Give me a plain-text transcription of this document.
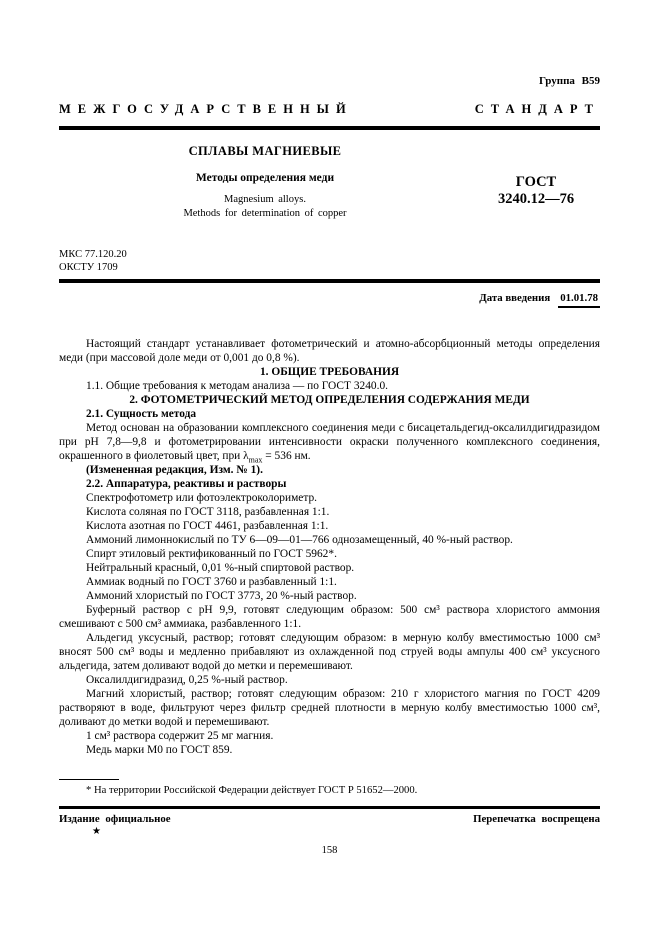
Группа В59
МЕЖГОСУДАРСТВЕННЫЙ	СТАНДАРТ
СПЛАВЫ МАГНИЕВЫЕ
Методы определения меди
Magnesium alloys.
Methods for determination of copper
ГОСТ
3240.12—76
МКС 77.120.20
ОКСТУ 1709
Дата введения 01.01.78

Настоящий стандарт устанавливает фотометрический и атомно-абсорбционный методы определения меди (при массовой доле меди от 0,001 до 0,8 %).

1. ОБЩИЕ ТРЕБОВАНИЯ

1.1. Общие требования к методам анализа — по ГОСТ 3240.0.

2. ФОТОМЕТРИЧЕСКИЙ МЕТОД ОПРЕДЕЛЕНИЯ СОДЕРЖАНИЯ МЕДИ

2.1. Сущность метода

Метод основан на образовании комплексного соединения меди с бисацетальдегид-оксалилдигидразидом при рН 7,8—9,8 и фотометрировании интенсивности окраски полученного комплексного соединения, окрашенного в фиолетовый цвет, при $\lambda_{max} = 536$ нм.

(Измененная редакция, Изм. № 1).

2.2. Аппаратура, реактивы и растворы

Спектрофотометр или фотоэлектроколориметр.

Кислота соляная по ГОСТ 3118, разбавленная 1:1.

Кислота азотная по ГОСТ 4461, разбавленная 1:1.

Аммоний лимоннокислый по ТУ 6—09—01—766 однозамещенный, 40 %-ный раствор.

Спирт этиловый ректификованный по ГОСТ 5962*.

Нейтральный красный, 0,01 %-ный спиртовой раствор.

Аммиак водный по ГОСТ 3760 и разбавленный 1:1.

Аммоний хлористый по ГОСТ 3773, 20 %-ный раствор.

Буферный раствор с рН 9,9, готовят следующим образом: 500 см³ раствора хлористого аммония смешивают с 500 см³ аммиака, разбавленного 1:1.

Альдегид уксусный, раствор; готовят следующим образом: в мерную колбу вместимостью 1000 см³ вносят 500 см³ воды и медленно прибавляют из охлажденной под струей воды ампулы 400 см³ уксусного альдегида, затем доливают водой до метки и перемешивают.

Оксалилдигидразид, 0,25 %-ный раствор.

Магний хлористый, раствор; готовят следующим образом: 210 г хлористого магния по ГОСТ 4209 растворяют в воде, фильтруют через фильтр средней плотности в мерную колбу вместимостью 1000 см³, доливают до метки водой и перемешивают.

1 см³ раствора содержит 25 мг магния.

Медь марки М0 по ГОСТ 859.

* На территории Российской Федерации действует ГОСТ Р 51652—2000.

Издание официальное	Перепечатка воспрещена
★
158
